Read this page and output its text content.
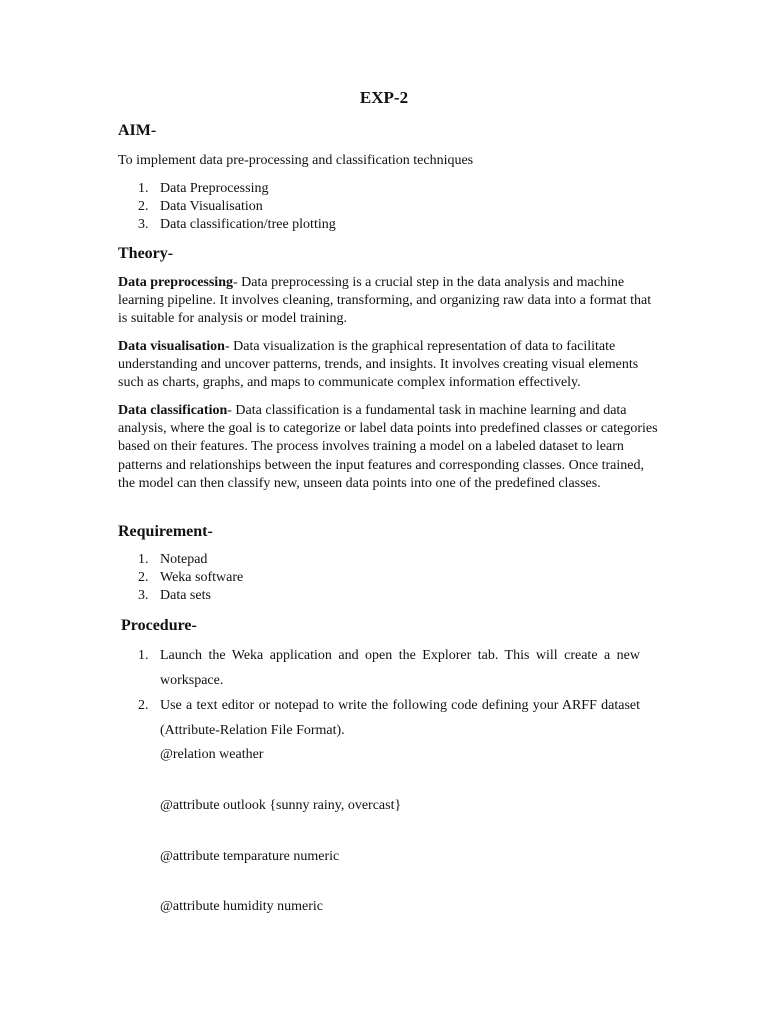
EXP-2
AIM-
To implement data pre-processing and classification techniques
1. Data Preprocessing
2. Data Visualisation
3. Data classification/tree plotting
Theory-
Data preprocessing- Data preprocessing is a crucial step in the data analysis and machine learning pipeline. It involves cleaning, transforming, and organizing raw data into a format that is suitable for analysis or model training.
Data visualisation- Data visualization is the graphical representation of data to facilitate understanding and uncover patterns, trends, and insights. It involves creating visual elements such as charts, graphs, and maps to communicate complex information effectively.
Data classification- Data classification is a fundamental task in machine learning and data analysis, where the goal is to categorize or label data points into predefined classes or categories based on their features. The process involves training a model on a labeled dataset to learn patterns and relationships between the input features and corresponding classes. Once trained, the model can then classify new, unseen data points into one of the predefined classes.
Requirement-
1. Notepad
2. Weka software
3. Data sets
Procedure-
1. Launch the Weka application and open the Explorer tab. This will create a new workspace.
2. Use a text editor or notepad to write the following code defining your ARFF dataset (Attribute-Relation File Format).
@relation weather
@attribute outlook {sunny rainy, overcast}
@attribute temparature numeric
@attribute humidity numeric
